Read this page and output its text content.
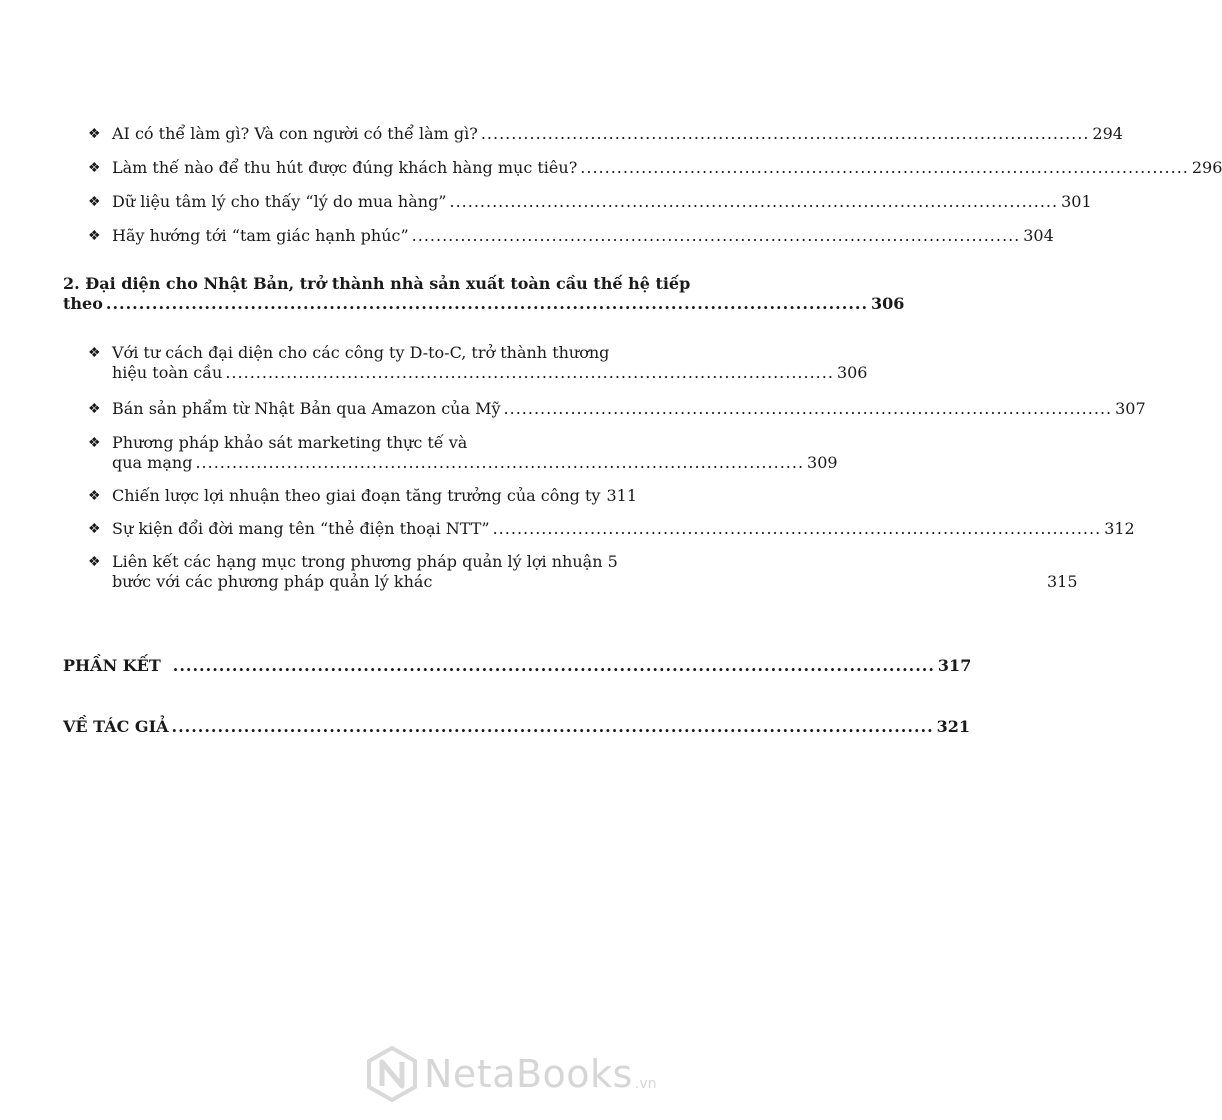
❖ AI có thể làm gì? Và con người có thể làm gì? .................................................................................................... 294
❖ Làm thế nào để thu hút được đúng khách hàng mục tiêu? .................................................................................................... 296
❖ Dữ liệu tâm lý cho thấy “lý do mua hàng” .................................................................................................... 301
❖ Hãy hướng tới “tam giác hạnh phúc” .................................................................................................... 304
2. Đại diện cho Nhật Bản, trở thành nhà sản xuất toàn cầu thế hệ tiếp
theo .................................................................................................................... 306
❖ Với tư cách đại diện cho các công ty D-to-C, trở thành thương
hiệu toàn cầu .................................................................................................... 306
❖ Bán sản phẩm từ Nhật Bản qua Amazon của Mỹ .................................................................................................... 307
❖ Phương pháp khảo sát marketing thực tế và
qua mạng .................................................................................................... 309
❖ Chiến lược lợi nhuận theo giai đoạn tăng trưởng của công ty 311
❖ Sự kiện đổi đời mang tên “thẻ điện thoại NTT” .................................................................................................... 312
❖ Liên kết các hạng mục trong phương pháp quản lý lợi nhuận 5
bước với các phương pháp quản lý khác	315
PHẦN KẾT .................................................................................................................... 317
VỀ TÁC GIẢ .................................................................................................................... 321
NetaBooks .vn
